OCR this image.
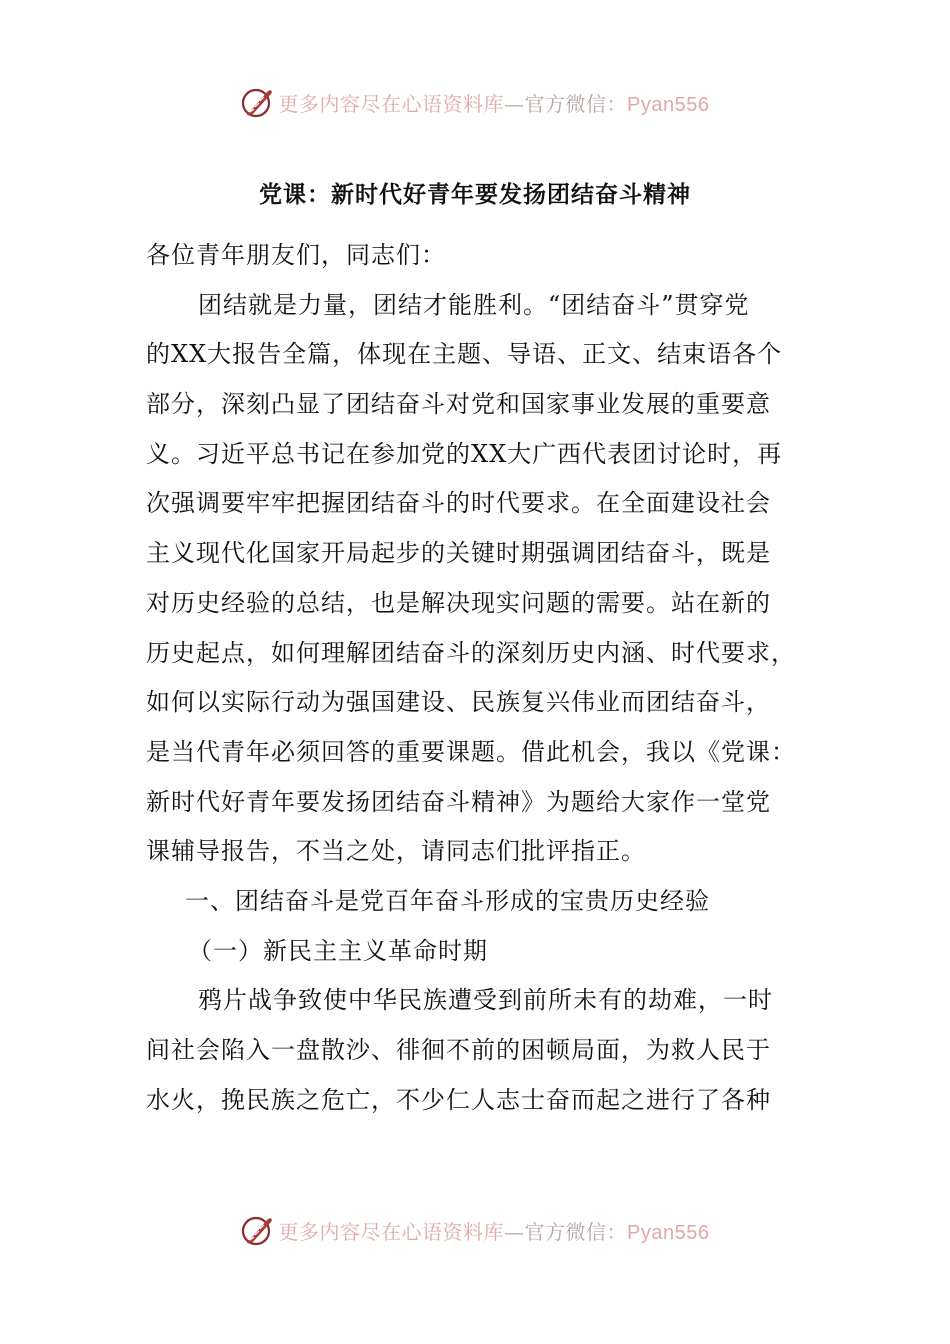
更多内容尽在心语资料库—官方微信：Pyan556
党课：新时代好青年要发扬团结奋斗精神
各位青年朋友们，同志们：
团结就是力量，团结才能胜利。“团结奋斗”贯穿党
的XX大报告全篇，体现在主题、导语、正文、结束语各个
部分，深刻凸显了团结奋斗对党和国家事业发展的重要意
义。习近平总书记在参加党的XX大广西代表团讨论时，再
次强调要牢牢把握团结奋斗的时代要求。在全面建设社会
主义现代化国家开局起步的关键时期强调团结奋斗，既是
对历史经验的总结，也是解决现实问题的需要。站在新的
历史起点，如何理解团结奋斗的深刻历史内涵、时代要求，
如何以实际行动为强国建设、民族复兴伟业而团结奋斗，
是当代青年必须回答的重要课题。借此机会，我以《党课：
新时代好青年要发扬团结奋斗精神》为题给大家作一堂党
课辅导报告，不当之处，请同志们批评指正。
一、团结奋斗是党百年奋斗形成的宝贵历史经验
（一）新民主主义革命时期
鸦片战争致使中华民族遭受到前所未有的劫难，一时
间社会陷入一盘散沙、徘徊不前的困顿局面，为救人民于
水火，挽民族之危亡，不少仁人志士奋而起之进行了各种
更多内容尽在心语资料库—官方微信：Pyan556
